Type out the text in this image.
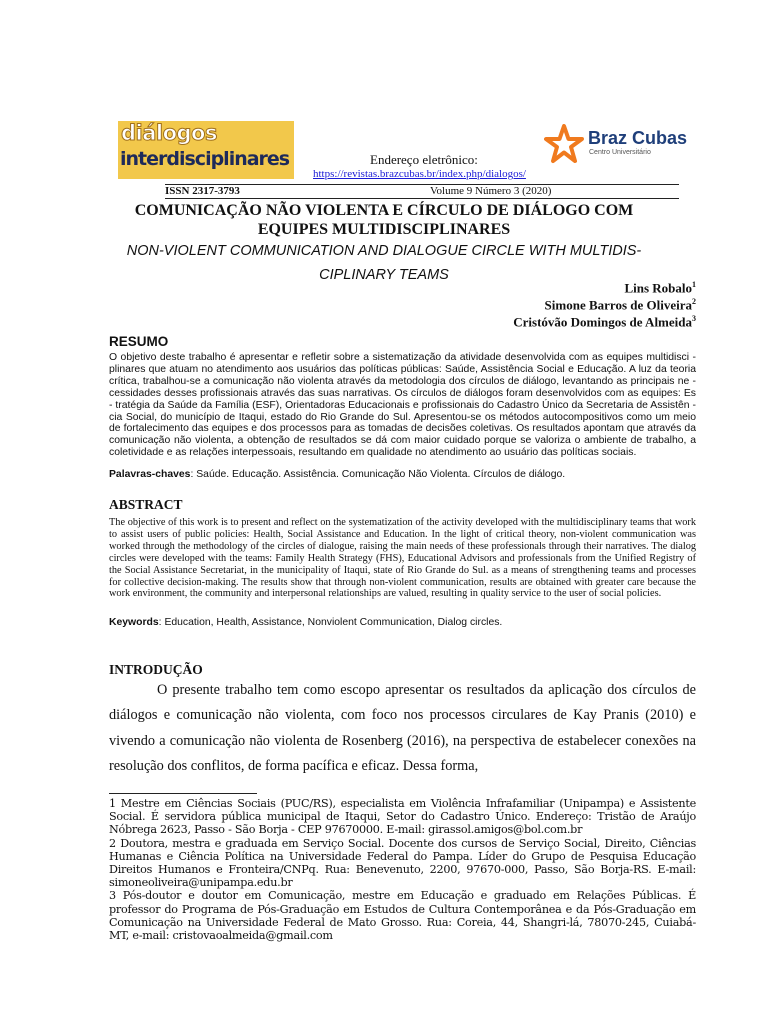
diálogos
interdisciplinares
Braz Cubas
Centro Universitário
Endereço eletrônico:
https://revistas.brazcubas.br/index.php/dialogos/
ISSN 2317-3793	Volume 9 Número 3 (2020)
COMUNICAÇÃO NÃO VIOLENTA E CÍRCULO DE DIÁLOGO COM EQUIPES MULTIDISCIPLINARES
NON-VIOLENT COMMUNICATION AND DIALOGUE CIRCLE WITH MULTIDIS-CIPLINARY TEAMS
Lins Robalo$^1$
Simone Barros de Oliveira$^2$
Cristóvão Domingos de Almeida$^3$
RESUMO
O objetivo deste trabalho é apresentar e refletir sobre a sistematização da atividade desenvolvida com as equipes multidisci - plinares que atuam no atendimento aos usuários das políticas públicas: Saúde, Assistência Social e Educação. A luz da teoria crítica, trabalhou-se a comunicação não violenta através da metodologia dos círculos de diálogo, levantando as principais ne - cessidades desses profissionais através das suas narrativas. Os círculos de diálogos foram desenvolvidos com as equipes: Es - tratégia da Saúde da Família (ESF), Orientadoras Educacionais e profissionais do Cadastro Único da Secretaria de Assistên - cia Social, do município de Itaqui, estado do Rio Grande do Sul. Apresentou-se os métodos autocompositivos como um meio de fortalecimento das equipes e dos processos para as tomadas de decisões coletivas. Os resultados apontam que através da comunicação não violenta, a obtenção de resultados se dá com maior cuidado porque se valoriza o ambiente de trabalho, a coletividade e as relações interpessoais, resultando em qualidade no atendimento ao usuário das políticas sociais.
Palavras-chaves: Saúde. Educação. Assistência. Comunicação Não Violenta. Círculos de diálogo.
ABSTRACT
The objective of this work is to present and reflect on the systematization of the activity developed with the multidisciplinary teams that work to assist users of public policies: Health, Social Assistance and Education. In the light of critical theory, non-violent communication was worked through the methodology of the circles of dialogue, raising the main needs of these professionals through their narratives. The dialog circles were developed with the teams: Family Health Strategy (FHS), Educational Advisors and professionals from the Unified Registry of the Social Assistance Secretariat, in the municipality of Itaqui, state of Rio Grande do Sul. as a means of strengthening teams and processes for collective decision-making. The results show that through non-violent communication, results are obtained with greater care because the work environment, the community and interpersonal relationships are valued, resulting in quality service to the user of social policies.
Keywords: Education, Health, Assistance, Nonviolent Communication, Dialog circles.
INTRODUÇÃO
O presente trabalho tem como escopo apresentar os resultados da aplicação dos círculos de diálogos e comunicação não violenta, com foco nos processos circulares de Kay Pranis (2010) e vivendo a comunicação não violenta de Rosenberg (2016), na perspectiva de estabelecer conexões na resolução dos conflitos, de forma pacífica e eficaz. Dessa forma,

1 Mestre em Ciências Sociais (PUC/RS), especialista em Violência Infrafamiliar (Unipampa) e Assistente Social. É servidora pública municipal de Itaqui, Setor do Cadastro Único. Endereço: Tristão de Araújo Nóbrega 2623, Passo - São Borja - CEP 97670000. E-mail: girassol.amigos@bol.com.br

2 Doutora, mestra e graduada em Serviço Social. Docente dos cursos de Serviço Social, Direito, Ciências Humanas e Ciência Política na Universidade Federal do Pampa. Líder do Grupo de Pesquisa Educação Direitos Humanos e Fronteira/CNPq. Rua: Benevenuto, 2200, 97670-000, Passo, São Borja-RS. E-mail: simoneoliveira@unipampa.edu.br

3 Pós-doutor e doutor em Comunicação, mestre em Educação e graduado em Relações Públicas. É professor do Programa de Pós-Graduação em Estudos de Cultura Contemporânea e da Pós-Graduação em Comunicação na Universidade Federal de Mato Grosso. Rua: Coreia, 44, Shangri-lá, 78070-245, Cuiabá-MT, e-mail: cristovaoalmeida@gmail.com
